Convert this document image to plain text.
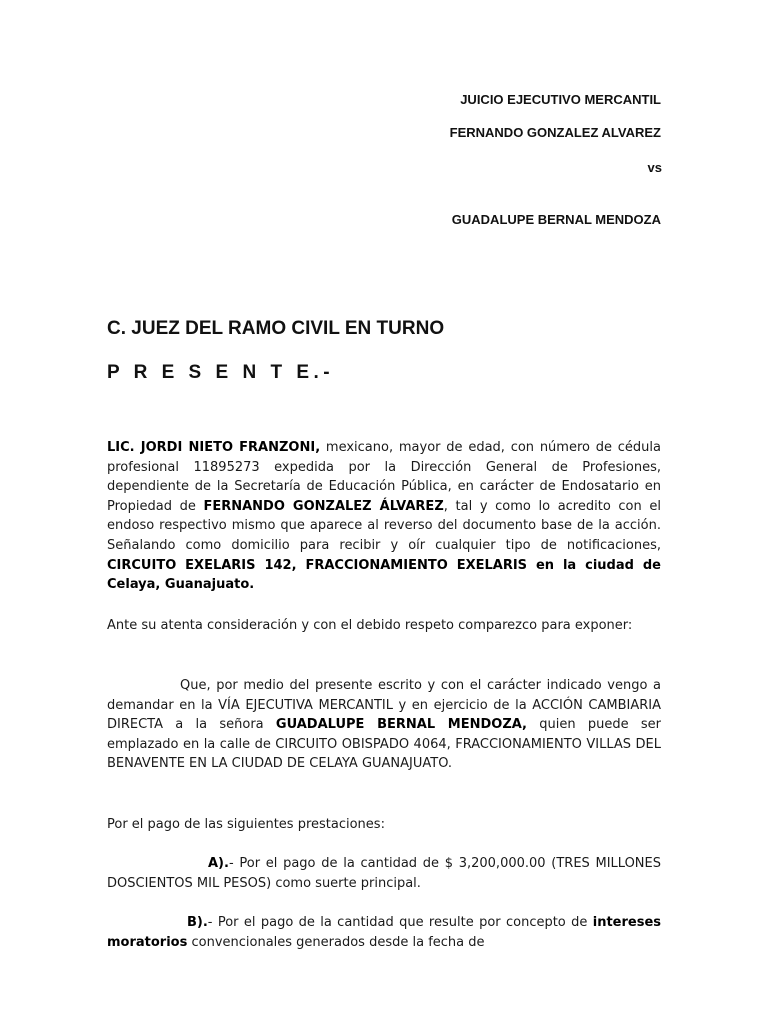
JUICIO EJECUTIVO MERCANTIL

FERNANDO GONZALEZ ALVAREZ

vs

GUADALUPE BERNAL MENDOZA

C. JUEZ DEL RAMO CIVIL EN TURNO

P R E S E N T E.-

LIC. JORDI NIETO FRANZONI, mexicano, mayor de edad, con número de cédula profesional 11895273 expedida por la Dirección General de Profesiones, dependiente de la Secretaría de Educación Pública, en carácter de Endosatario en Propiedad de FERNANDO GONZALEZ ÁLVAREZ, tal y como lo acredito con el endoso respectivo mismo que aparece al reverso del documento base de la acción. Señalando como domicilio para recibir y oír cualquier tipo de notificaciones, CIRCUITO EXELARIS 142, FRACCIONAMIENTO EXELARIS en la ciudad de Celaya, Guanajuato.

Ante su atenta consideración y con el debido respeto comparezco para exponer:

Que, por medio del presente escrito y con el carácter indicado vengo a demandar en la VÍA EJECUTIVA MERCANTIL y en ejercicio de la ACCIÓN CAMBIARIA DIRECTA a la señora GUADALUPE BERNAL MENDOZA, quien puede ser emplazado en la calle de CIRCUITO OBISPADO 4064, FRACCIONAMIENTO VILLAS DEL BENAVENTE EN LA CIUDAD DE CELAYA GUANAJUATO.

Por el pago de las siguientes prestaciones:

A).- Por el pago de la cantidad de $ 3,200,000.00 (TRES MILLONES DOSCIENTOS MIL PESOS) como suerte principal.

B).- Por el pago de la cantidad que resulte por concepto de intereses moratorios convencionales generados desde la fecha de
